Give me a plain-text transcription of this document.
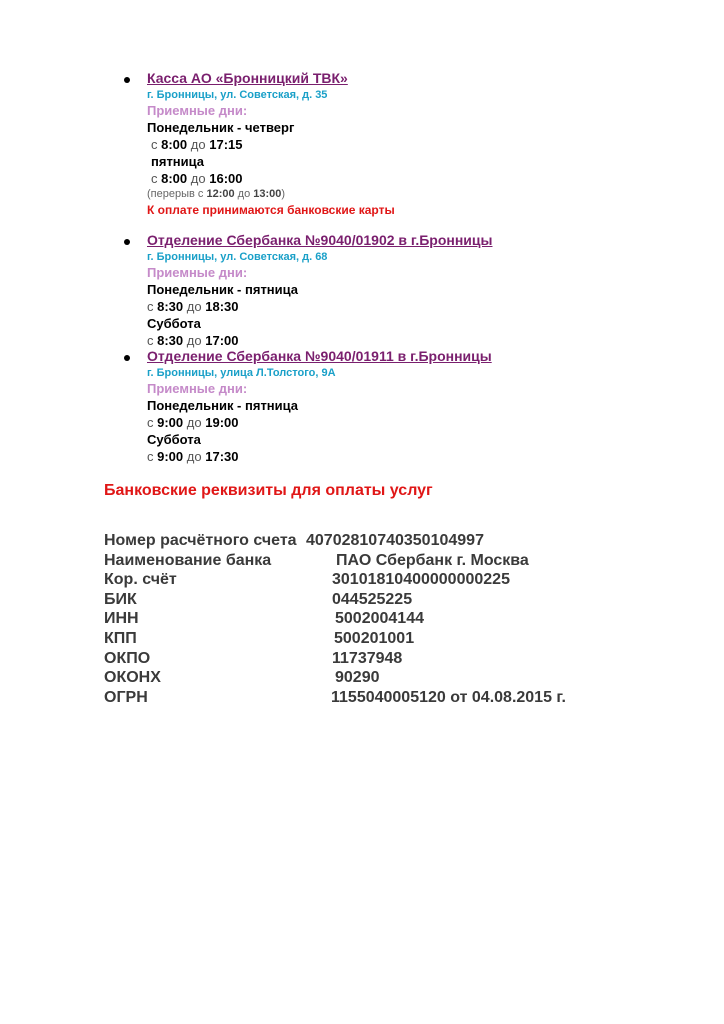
Касса АО «Бронницкий ТВК»
г. Бронницы, ул. Советская, д. 35
Приемные дни:
Понедельник - четверг
с 8:00 до 17:15
пятница
с 8:00 до 16:00
(перерыв с 12:00 до 13:00)
К оплате принимаются банковские карты
Отделение Сбербанка №9040/01902 в г.Бронницы
г. Бронницы, ул. Советская, д. 68
Приемные дни:
Понедельник - пятница
с 8:30 до 18:30
Суббота
с 8:30 до 17:00
Отделение Сбербанка №9040/01911 в г.Бронницы
г. Бронницы, улица Л.Толстого, 9А
Приемные дни:
Понедельник - пятница
с 9:00 до 19:00
Суббота
с 9:00 до 17:30
Банковские реквизиты для оплаты услуг
Номер расчётного счета 40702810740350104997
Наименование банка	ПАО Сбербанк г. Москва
Кор. счёт	30101810400000000225
БИК	044525225
ИНН	5002004144
КПП	500201001
ОКПО	11737948
ОКОНХ	90290
ОГРН	1155040005120 от 04.08.2015 г.
